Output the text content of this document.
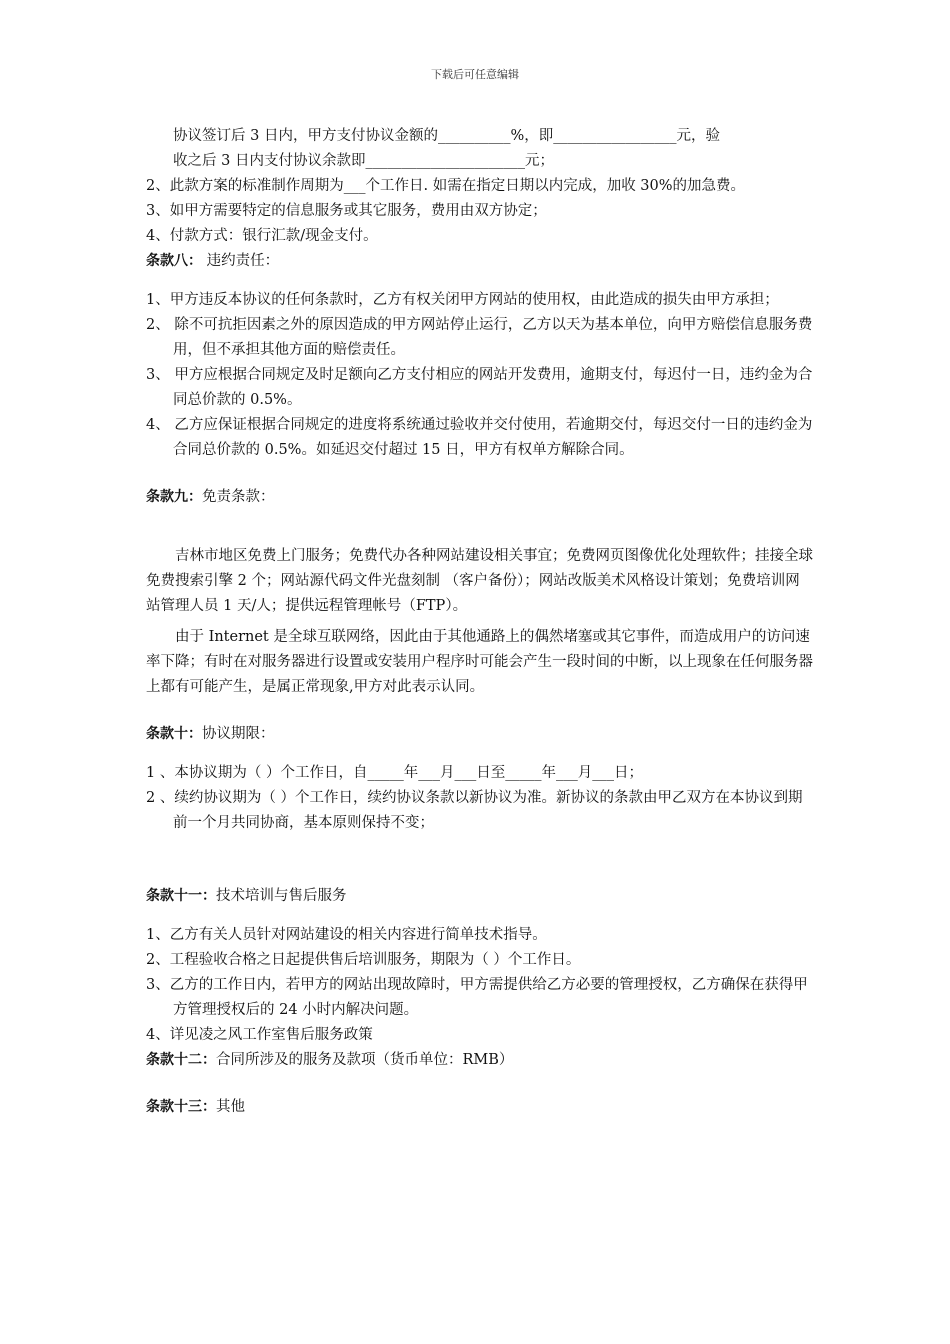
下载后可任意编辑

协议签订后 3 日内，甲方支付协议金额的__________%，即_________________元，验

收之后 3 日内支付协议余款即______________________元；

2、此款方案的标准制作周期为___个工作日. 如需在指定日期以内完成，加收 30%的加急费。

3、如甲方需要特定的信息服务或其它服务，费用由双方协定；

4、付款方式：银行汇款/现金支付。

条款八： 违约责任：

1、甲方违反本协议的任何条款时，乙方有权关闭甲方网站的使用权，由此造成的损失由甲方承担；

2、 除不可抗拒因素之外的原因造成的甲方网站停止运行，乙方以天为基本单位，向甲方赔偿信息服务费用，但不承担其他方面的赔偿责任。

3、 甲方应根据合同规定及时足额向乙方支付相应的网站开发费用，逾期支付，每迟付一日，违约金为合同总价款的 0.5%。

4、 乙方应保证根据合同规定的进度将系统通过验收并交付使用，若逾期交付，每迟交付一日的违约金为合同总价款的 0.5%。如延迟交付超过 15 日，甲方有权单方解除合同。

条款九：免责条款：

吉林市地区免费上门服务；免费代办各种网站建设相关事宜；免费网页图像优化处理软件；挂接全球免费搜索引擎 2 个；网站源代码文件光盘刻制 （客户备份）；网站改版美术风格设计策划；免费培训网站管理人员 1 天/人；提供远程管理帐号（FTP）。

由于 Internet 是全球互联网络，因此由于其他通路上的偶然堵塞或其它事件，而造成用户的访问速率下降；有时在对服务器进行设置或安装用户程序时可能会产生一段时间的中断，以上现象在任何服务器上都有可能产生，是属正常现象,甲方对此表示认同。

条款十：协议期限：

1 、本协议期为（ ）个工作日，自_____年___月___日至_____年___月___日；

2 、续约协议期为（ ）个工作日，续约协议条款以新协议为准。新协议的条款由甲乙双方在本协议到期前一个月共同协商，基本原则保持不变；

条款十一：技术培训与售后服务

1、乙方有关人员针对网站建设的相关内容进行简单技术指导。

2、工程验收合格之日起提供售后培训服务，期限为（ ）个工作日。

3、乙方的工作日内，若甲方的网站出现故障时，甲方需提供给乙方必要的管理授权，乙方确保在获得甲方管理授权后的 24 小时内解决问题。

4、详见凌之风工作室售后服务政策

条款十二：合同所涉及的服务及款项（货币单位：RMB）

条款十三：其他
